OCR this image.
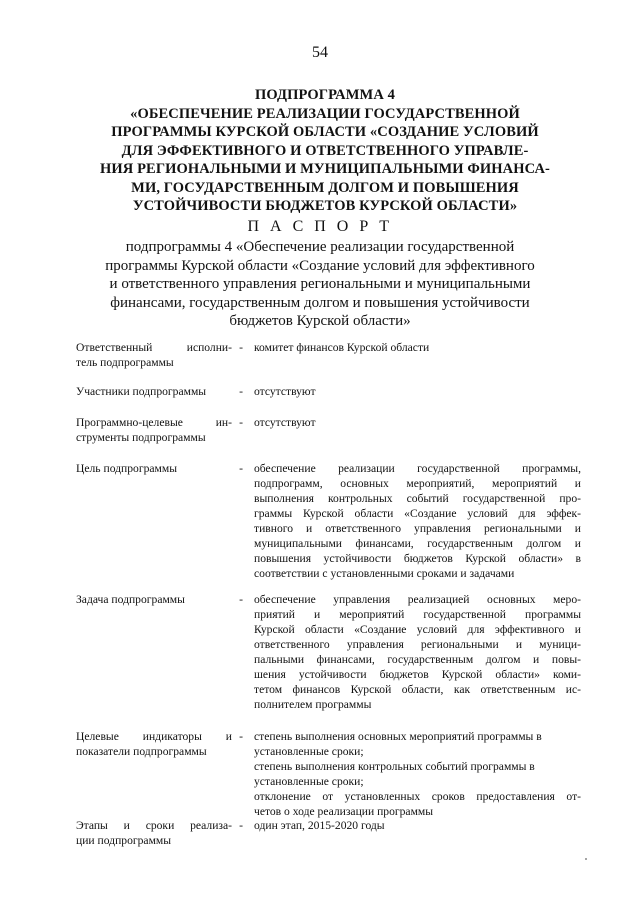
54
ПОДПРОГРАММА 4
«ОБЕСПЕЧЕНИЕ РЕАЛИЗАЦИИ ГОСУДАРСТВЕННОЙ
ПРОГРАММЫ КУРСКОЙ ОБЛАСТИ «СОЗДАНИЕ УСЛОВИЙ
ДЛЯ ЭФФЕКТИВНОГО И ОТВЕТСТВЕННОГО УПРАВЛЕ-
НИЯ РЕГИОНАЛЬНЫМИ И МУНИЦИПАЛЬНЫМИ ФИНАНСА-
МИ, ГОСУДАРСТВЕННЫМ ДОЛГОМ И ПОВЫШЕНИЯ
УСТОЙЧИВОСТИ БЮДЖЕТОВ КУРСКОЙ ОБЛАСТИ»
П А С П О Р Т
подпрограммы 4 «Обеспечение реализации государственной
программы Курской области «Создание условий для эффективного
и ответственного управления региональными и муниципальными
финансами, государственным долгом и повышения устойчивости
бюджетов Курской области»
Ответственный исполни-
тель подпрограммы
- комитет финансов Курской области
Участники подпрограммы	- отсутствуют
Программно-целевые ин-
струменты подпрограммы
- отсутствуют
Цель подпрограммы	- обеспечение реализации государственной программы,
подпрограмм, основных мероприятий, мероприятий и
выполнения контрольных событий государственной про-
граммы Курской области «Создание условий для эффек-
тивного и ответственного управления региональными и
муниципальными финансами, государственным долгом и
повышения устойчивости бюджетов Курской области» в
соответствии с установленными сроками и задачами
Задача подпрограммы	- обеспечение управления реализацией основных меро-
приятий и мероприятий государственной программы
Курской области «Создание условий для эффективного и
ответственного управления региональными и муници-
пальными финансами, государственным долгом и повы-
шения устойчивости бюджетов Курской области» коми-
тетом финансов Курской области, как ответственным ис-
полнителем программы
Целевые индикаторы и
показатели подпрограммы
- степень выполнения основных мероприятий программы в
установленные сроки;
степень выполнения контрольных событий программы в
установленные сроки;
отклонение от установленных сроков предоставления от-
четов о ходе реализации программы
Этапы и сроки реализа-
ции подпрограммы
- один этап, 2015-2020 годы
